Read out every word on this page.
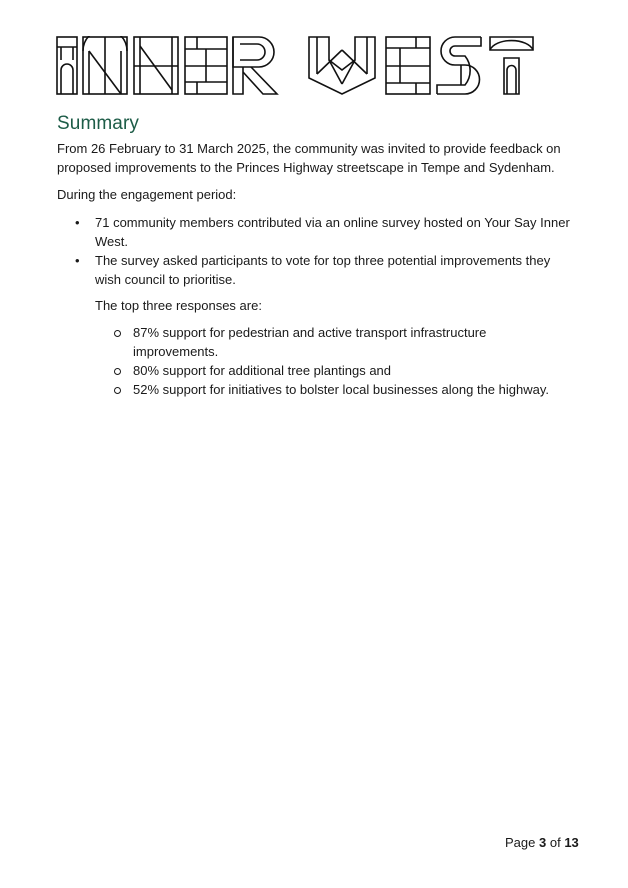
Summary

From 26 February to 31 March 2025, the community was invited to provide feedback on proposed improvements to the Princes Highway streetscape in Tempe and Sydenham.

During the engagement period:

• 71 community members contributed via an online survey hosted on Your Say Inner West.
• The survey asked participants to vote for top three potential improvements they wish council to prioritise.

The top three responses are:

87% support for pedestrian and active transport infrastructure improvements.
80% support for additional tree plantings and
52% support for initiatives to bolster local businesses along the highway.
Page 3 of 13
